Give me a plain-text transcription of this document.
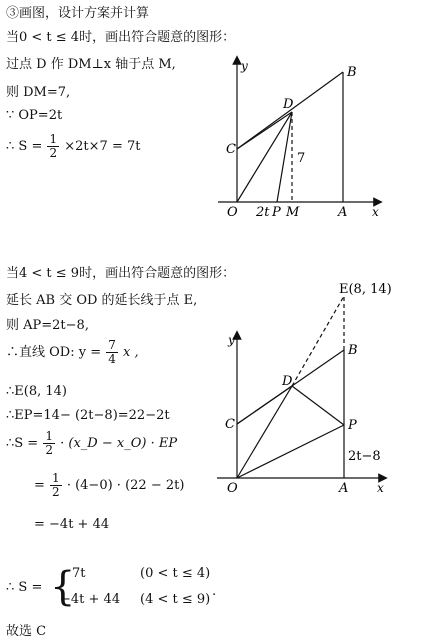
③画图，设计方案并计算
当0 < t ≤ 4时，画出符合题意的图形：
过点 D 作 DM⊥x 轴于点 M,
则 DM=7,
∵ OP=2t
∴ $S = \frac{1}{2} \times 2t\times 7 = 7t$
y
x
B
D
C
O	A
2t P M
7
当4 < t ≤ 9时，画出符合题意的图形：
延长 AB 交 OD 的延长线于点 E,
则 AP=2t−8,
∴直线 OD: $y = \frac{7}{4}$ x ,
∴E(8, 14)
∴EP=14− (2t−8)=22−2t
∴S = $\frac{1}{2}$ · (x_D − x_O) · EP
= $\frac{1}{2} \cdot (4-0) \cdot (22 - 2t)$
= −4t + 44
y
x
E(8, 14)
B
D
C	P
2t−8
O	A
∴ S = {
7t	(0 < t ≤ 4)
−4t + 44 (4 < t ≤ 9)
.
故选 C
